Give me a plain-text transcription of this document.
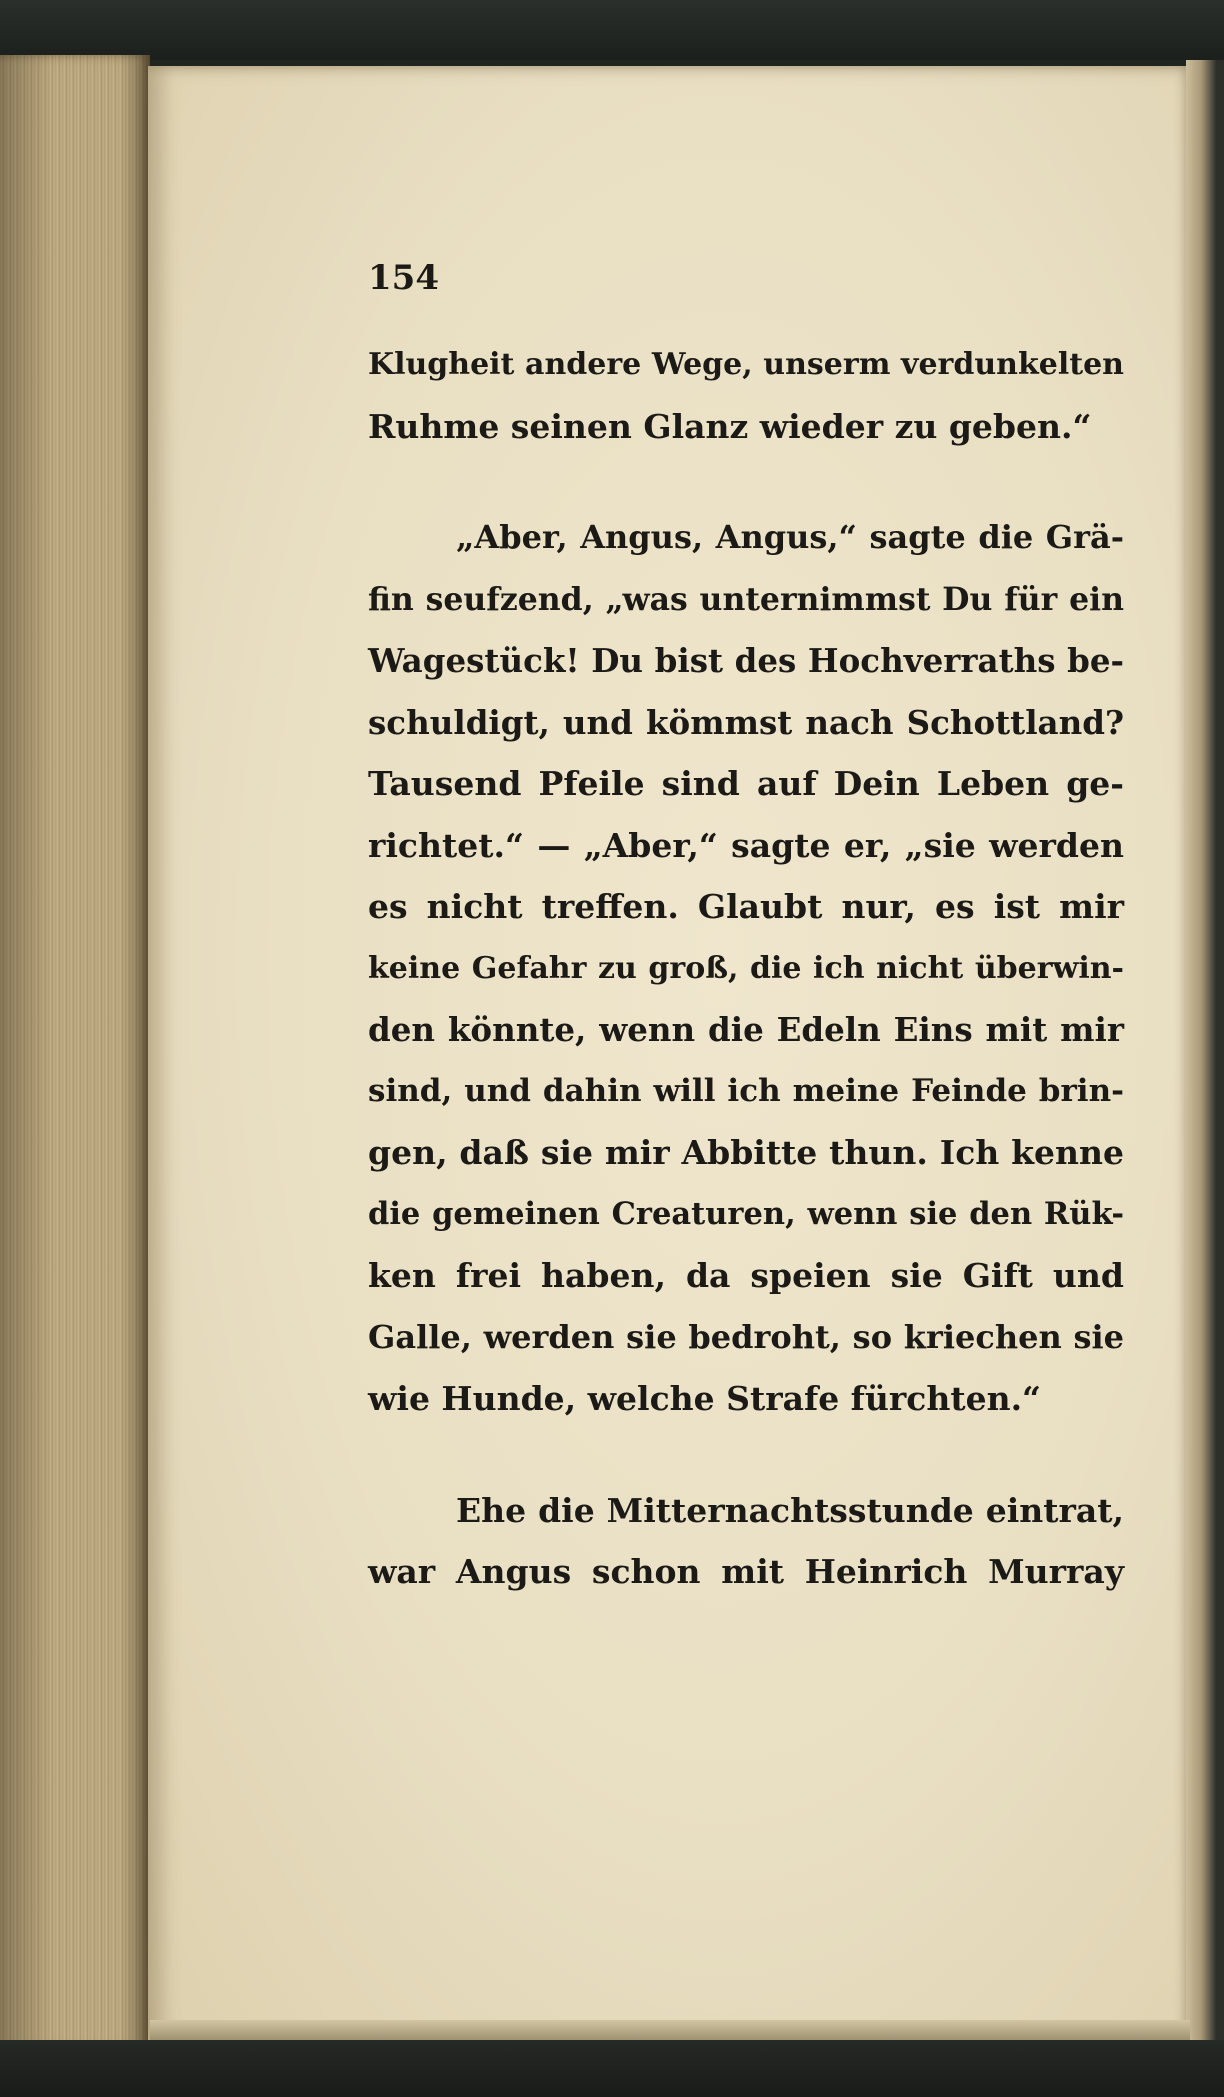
154
Klugheit andere Wege, unserm verdunkelten
Ruhme seinen Glanz wieder zu geben.“
„Aber, Angus, Angus,“ sagte die Grä-
fin seufzend, „was unternimmst Du für ein
Wagestück! Du bist des Hochverraths be-
schuldigt, und kömmst nach Schottland?
Tausend Pfeile sind auf Dein Leben ge-
richtet.“ — „Aber,“ sagte er, „sie werden
es nicht treffen. Glaubt nur, es ist mir
keine Gefahr zu groß, die ich nicht überwin-
den könnte, wenn die Edeln Eins mit mir
sind, und dahin will ich meine Feinde brin-
gen, daß sie mir Abbitte thun. Ich kenne
die gemeinen Creaturen, wenn sie den Rük-
ken frei haben, da speien sie Gift und
Galle, werden sie bedroht, so kriechen sie
wie Hunde, welche Strafe fürchten.“
Ehe die Mitternachtsstunde eintrat,
war Angus schon mit Heinrich Murray
